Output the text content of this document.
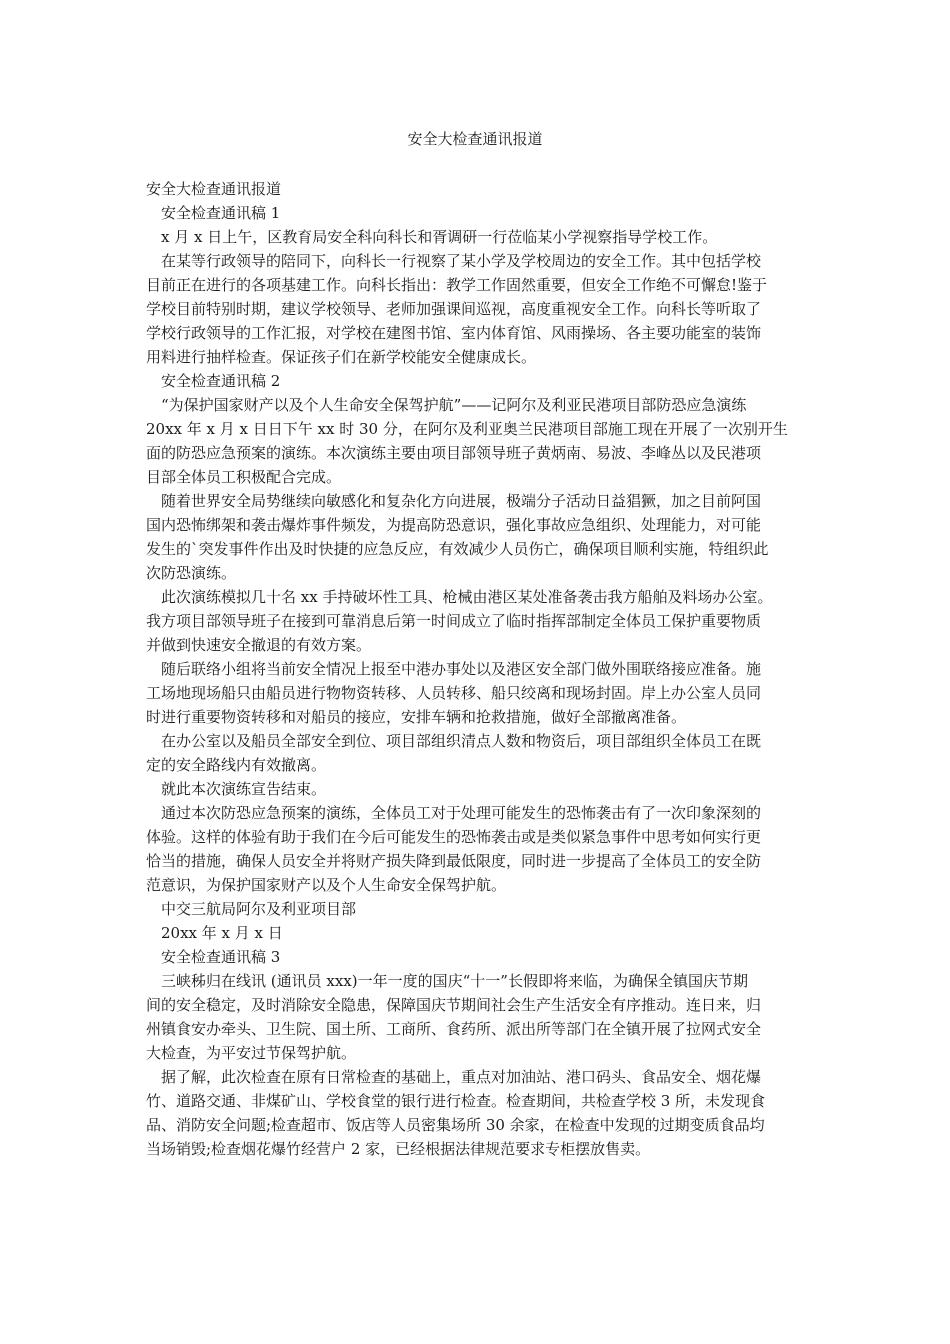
安全大检查通讯报道
安全大检查通讯报道
　安全检查通讯稿 1
　x 月 x 日上午，区教育局安全科向科长和胥调研一行莅临某小学视察指导学校工作。
　在某等行政领导的陪同下，向科长一行视察了某小学及学校周边的安全工作。其中包括学校
目前正在进行的各项基建工作。向科长指出：教学工作固然重要，但安全工作绝不可懈怠!鉴于
学校目前特别时期，建议学校领导、老师加强课间巡视，高度重视安全工作。向科长等听取了
学校行政领导的工作汇报，对学校在建图书馆、室内体育馆、风雨操场、各主要功能室的装饰
用料进行抽样检查。保证孩子们在新学校能安全健康成长。
　安全检查通讯稿 2
　“为保护国家财产以及个人生命安全保驾护航”——记阿尔及利亚民港项目部防恐应急演练
20xx 年 x 月 x 日日下午 xx 时 30 分，在阿尔及利亚奥兰民港项目部施工现在开展了一次别开生
面的防恐应急预案的演练。本次演练主要由项目部领导班子黄炳南、易波、李峰丛以及民港项
目部全体员工积极配合完成。
　随着世界安全局势继续向敏感化和复杂化方向进展，极端分子活动日益猖獗，加之目前阿国
国内恐怖绑架和袭击爆炸事件频发，为提高防恐意识，强化事故应急组织、处理能力，对可能
发生的`突发事件作出及时快捷的应急反应，有效减少人员伤亡，确保项目顺利实施，特组织此
次防恐演练。
　此次演练模拟几十名 xx 手持破坏性工具、枪械由港区某处准备袭击我方船舶及料场办公室。
我方项目部领导班子在接到可靠消息后第一时间成立了临时指挥部制定全体员工保护重要物质
并做到快速安全撤退的有效方案。
　随后联络小组将当前安全情况上报至中港办事处以及港区安全部门做外围联络接应准备。施
工场地现场船只由船员进行物物资转移、人员转移、船只绞离和现场封固。岸上办公室人员同
时进行重要物资转移和对船员的接应，安排车辆和抢救措施，做好全部撤离准备。
　在办公室以及船员全部安全到位、项目部组织清点人数和物资后，项目部组织全体员工在既
定的安全路线内有效撤离。
　就此本次演练宣告结束。
　通过本次防恐应急预案的演练，全体员工对于处理可能发生的恐怖袭击有了一次印象深刻的
体验。这样的体验有助于我们在今后可能发生的恐怖袭击或是类似紧急事件中思考如何实行更
恰当的措施，确保人员安全并将财产损失降到最低限度，同时进一步提高了全体员工的安全防
范意识，为保护国家财产以及个人生命安全保驾护航。
　中交三航局阿尔及利亚项目部
　20xx 年 x 月 x 日
　安全检查通讯稿 3
　三峡秭归在线讯 (通讯员 xxx)一年一度的国庆“十一”长假即将来临，为确保全镇国庆节期
间的安全稳定，及时消除安全隐患，保障国庆节期间社会生产生活安全有序推动。连日来，归
州镇食安办牵头、卫生院、国土所、工商所、食药所、派出所等部门在全镇开展了拉网式安全
大检查，为平安过节保驾护航。
　据了解，此次检查在原有日常检查的基础上，重点对加油站、港口码头、食品安全、烟花爆
竹、道路交通、非煤矿山、学校食堂的银行进行检查。检查期间，共检查学校 3 所，未发现食
品、消防安全问题;检查超市、饭店等人员密集场所 30 余家，在检查中发现的过期变质食品均
当场销毁;检查烟花爆竹经营户 2 家，已经根据法律规范要求专柜摆放售卖。
